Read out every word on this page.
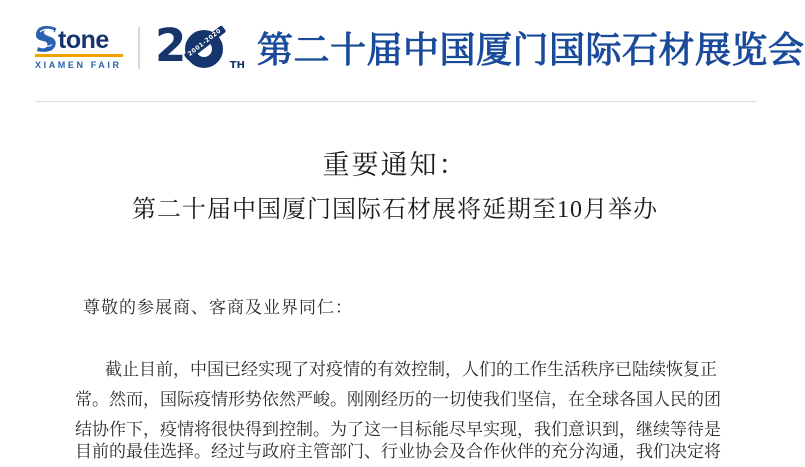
tone
XIAMEN FAIR 2 2001-2020
TH 第二十届中国厦门国际石材展览会
重要通知：
第二十届中国厦门国际石材展将延期至10月举办
尊敬的参展商、客商及业界同仁：
截止目前，中国已经实现了对疫情的有效控制，人们的工作生活秩序已陆续恢复正
常。然而，国际疫情形势依然严峻。刚刚经历的一切使我们坚信，在全球各国人民的团
结协作下，疫情将很快得到控制。为了这一目标能尽早实现，我们意识到，继续等待是
目前的最佳选择。经过与政府主管部门、行业协会及合作伙伴的充分沟通，我们决定将
